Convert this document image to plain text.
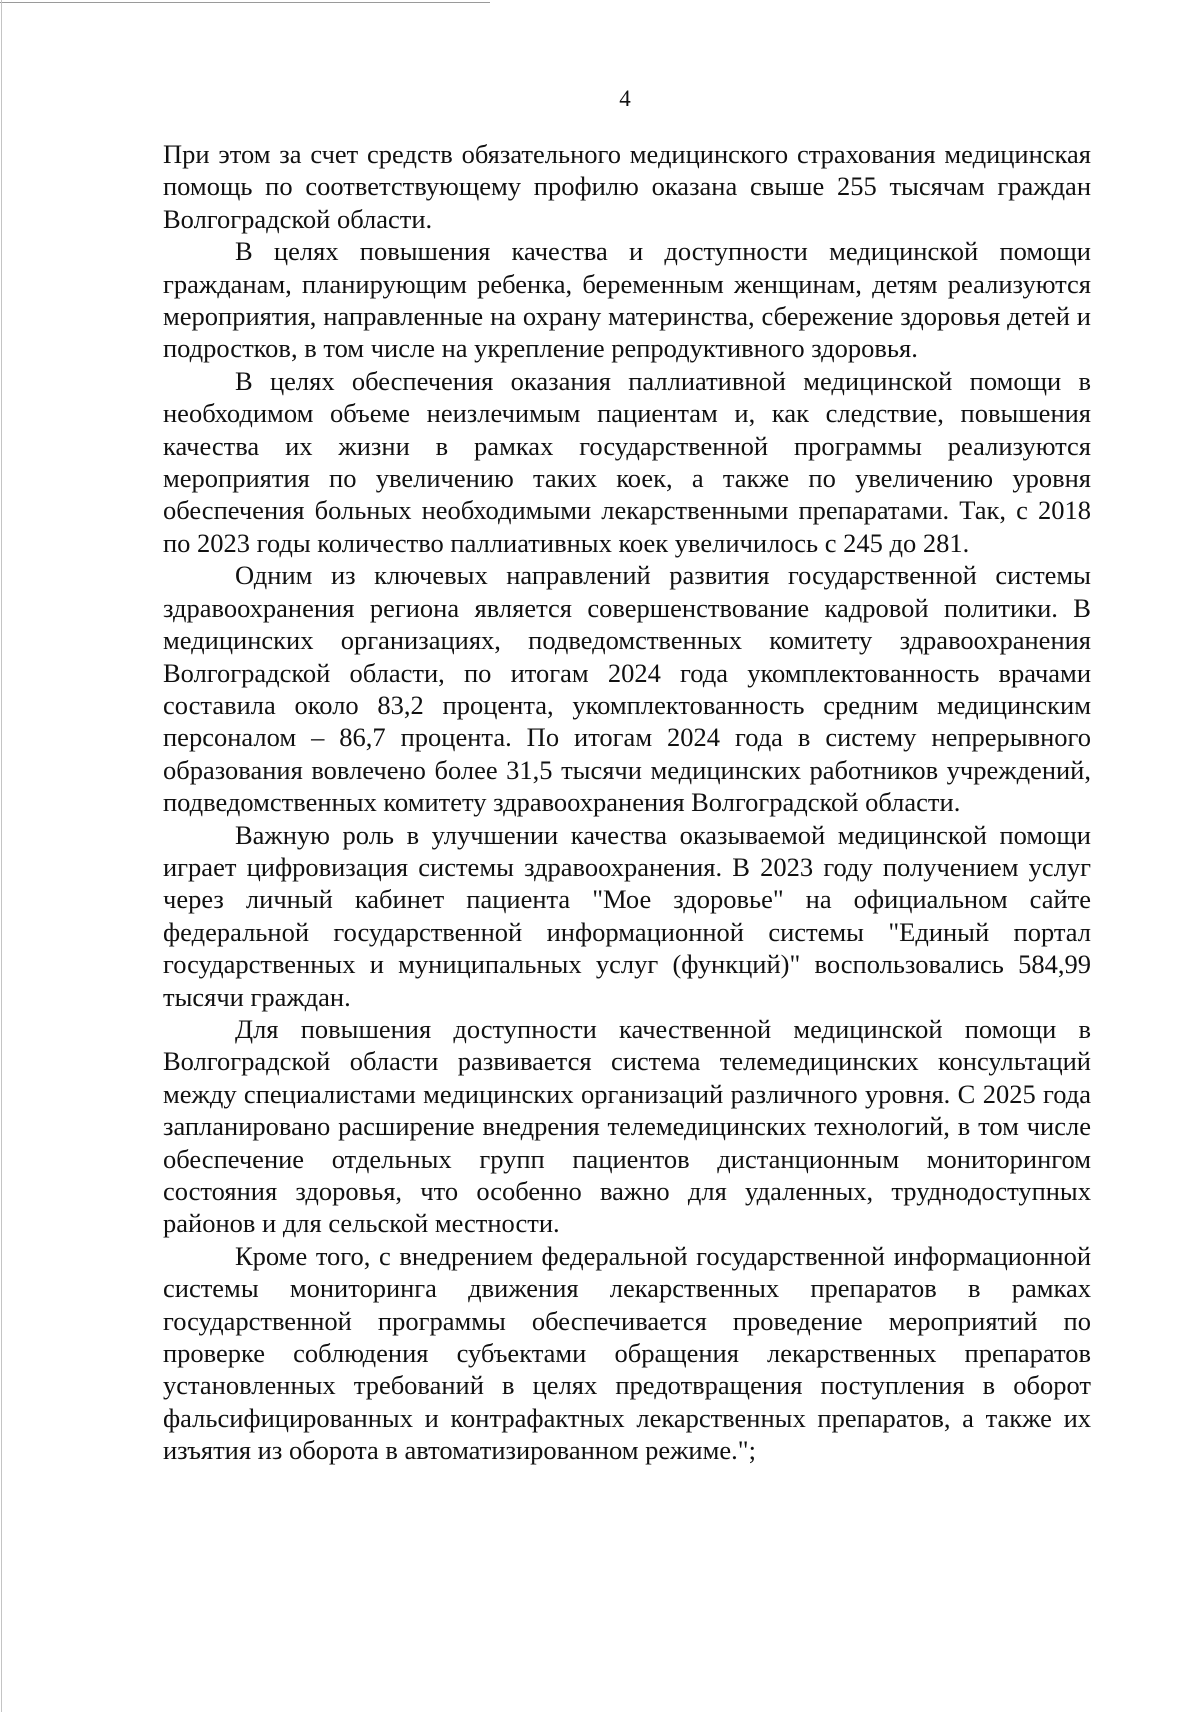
4

При этом за счет средств обязательного медицинского страхования медицинская помощь по соответствующему профилю оказана свыше 255 тысячам граждан Волгоградской области.

В целях повышения качества и доступности медицинской помощи гражданам, планирующим ребенка, беременным женщинам, детям реализуются мероприятия, направленные на охрану материнства, сбережение здоровья детей и подростков, в том числе на укрепление репродуктивного здоровья.

В целях обеспечения оказания паллиативной медицинской помощи в необходимом объеме неизлечимым пациентам и, как следствие, повышения качества их жизни в рамках государственной программы реализуются мероприятия по увеличению таких коек, а также по увеличению уровня обеспечения больных необходимыми лекарственными препаратами. Так, с 2018 по 2023 годы количество паллиативных коек увеличилось с 245 до 281.

Одним из ключевых направлений развития государственной системы здравоохранения региона является совершенствование кадровой политики. В медицинских организациях, подведомственных комитету здравоохранения Волгоградской области, по итогам 2024 года укомплектованность врачами составила около 83,2 процента, укомплектованность средним медицинским персоналом – 86,7 процента. По итогам 2024 года в систему непрерывного образования вовлечено более 31,5 тысячи медицинских работников учреждений, подведомственных комитету здравоохранения Волгоградской области.

Важную роль в улучшении качества оказываемой медицинской помощи играет цифровизация системы здравоохранения. В 2023 году получением услуг через личный кабинет пациента "Мое здоровье" на официальном сайте федеральной государственной информационной системы "Единый портал государственных и муниципальных услуг (функций)" воспользовались 584,99 тысячи граждан.

Для повышения доступности качественной медицинской помощи в Волгоградской области развивается система телемедицинских консультаций между специалистами медицинских организаций различного уровня. С 2025 года запланировано расширение внедрения телемедицинских технологий, в том числе обеспечение отдельных групп пациентов дистанционным мониторингом состояния здоровья, что особенно важно для удаленных, труднодоступных районов и для сельской местности.

Кроме того, с внедрением федеральной государственной информационной системы мониторинга движения лекарственных препаратов в рамках государственной программы обеспечивается проведение мероприятий по проверке соблюдения субъектами обращения лекарственных препаратов установленных требований в целях предотвращения поступления в оборот фальсифицированных и контрафактных лекарственных препаратов, а также их изъятия из оборота в автоматизированном режиме.";
